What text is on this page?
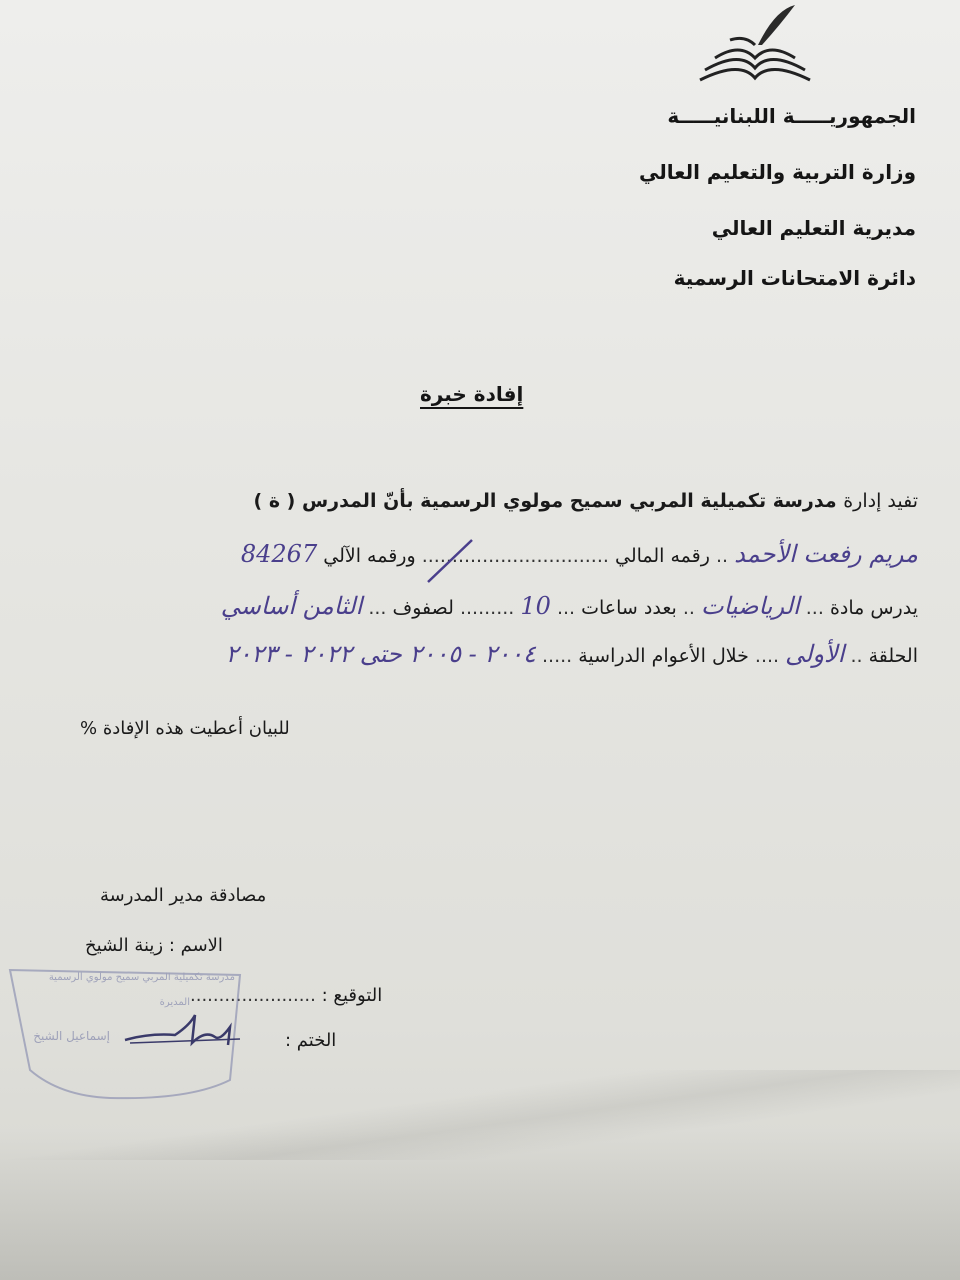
الجمهوريـــــة اللبنانيـــــة
وزارة التربية والتعليم العالي
مديرية التعليم العالي
دائرة الامتحانات الرسمية
إفادة خبرة
تفيد إدارة مدرسة تكميلية المربي سميح مولوي الرسمية بأنّ المدرس ( ة )
مريم رفعت الأحمد .. رقمه المالي ............................... ورقمه الآلي 84267
يدرس مادة ... الرياضيات .. بعدد ساعات ... 10 ......... لصفوف ... الثامن أساسي
الحلقة .. الأولى .... خلال الأعوام الدراسية ..... ٢٠٠٤ - ٢٠٠٥ حتى ٢٠٢٢ - ٢٠٢٣
للبيان أعطيت هذه الإفادة %
مصادقة مدير المدرسة
الاسم : زينة الشيخ
التوقيع : ......................
الختم :
مدرسة تكميلية المربي سميح مولوي الرسمية
المديرة
إسماعيل الشيخ
